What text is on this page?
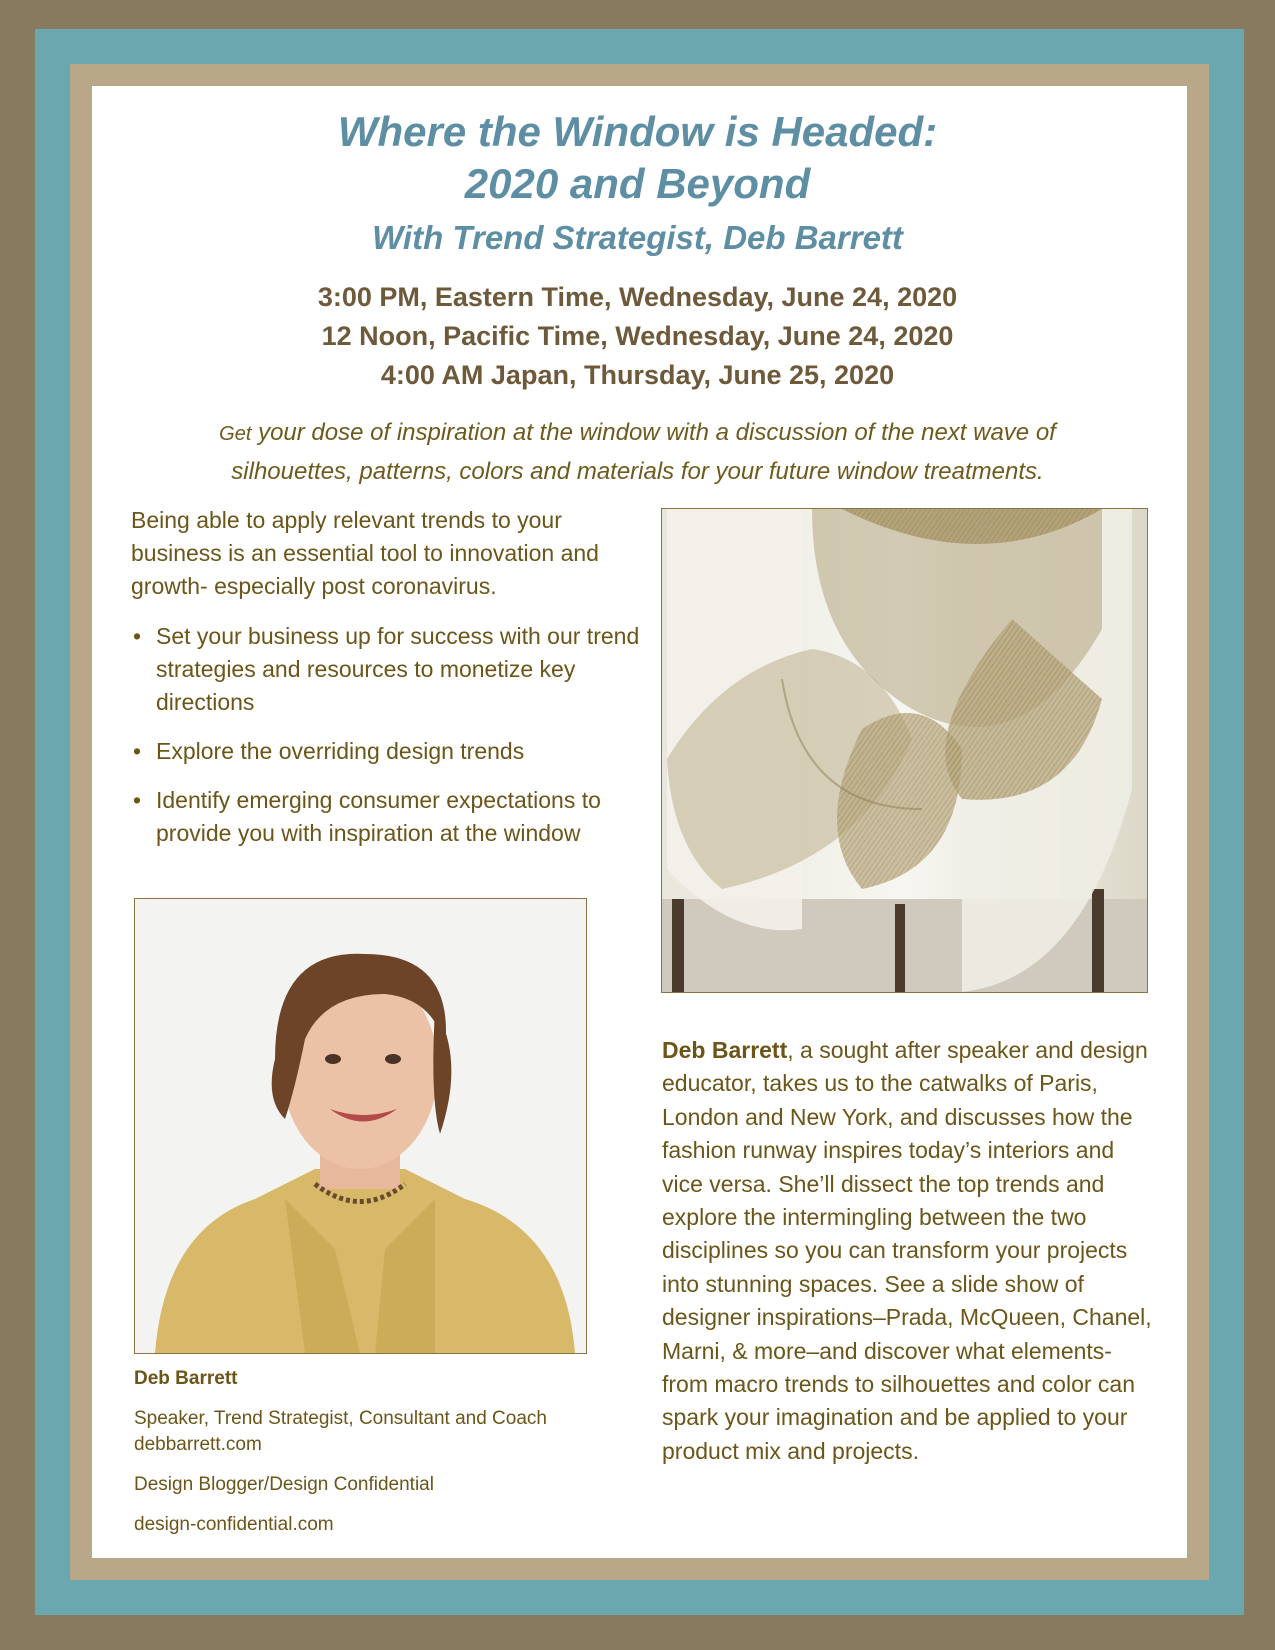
Where the Window is Headed:
2020 and Beyond
With Trend Strategist, Deb Barrett
3:00 PM, Eastern Time, Wednesday, June 24, 2020
12 Noon, Pacific Time, Wednesday, June 24, 2020
4:00 AM Japan, Thursday, June 25, 2020
Get your dose of inspiration at the window with a discussion of the next wave of
silhouettes, patterns, colors and materials for your future window treatments.
Being able to apply relevant trends to your business is an essential tool to innovation and growth- especially post coronavirus.
• Set your business up for success with our trend strategies and resources to monetize key directions
• Explore the overriding design trends
• Identify emerging consumer expectations to provide you with inspiration at the window
Deb Barrett
Speaker, Trend Strategist, Consultant and Coach
debbarrett.com
Design Blogger/Design Confidential
design-confidential.com
Deb Barrett, a sought after speaker and design educator, takes us to the catwalks of Paris, London and New York, and discusses how the fashion runway inspires today’s interiors and vice versa. She’ll dissect the top trends and explore the intermingling between the two disciplines so you can transform your projects into stunning spaces. See a slide show of designer inspirations–Prada, McQueen, Chanel, Marni, & more–and discover what elements- from macro trends to silhouettes and color can spark your imagination and be applied to your product mix and projects.
